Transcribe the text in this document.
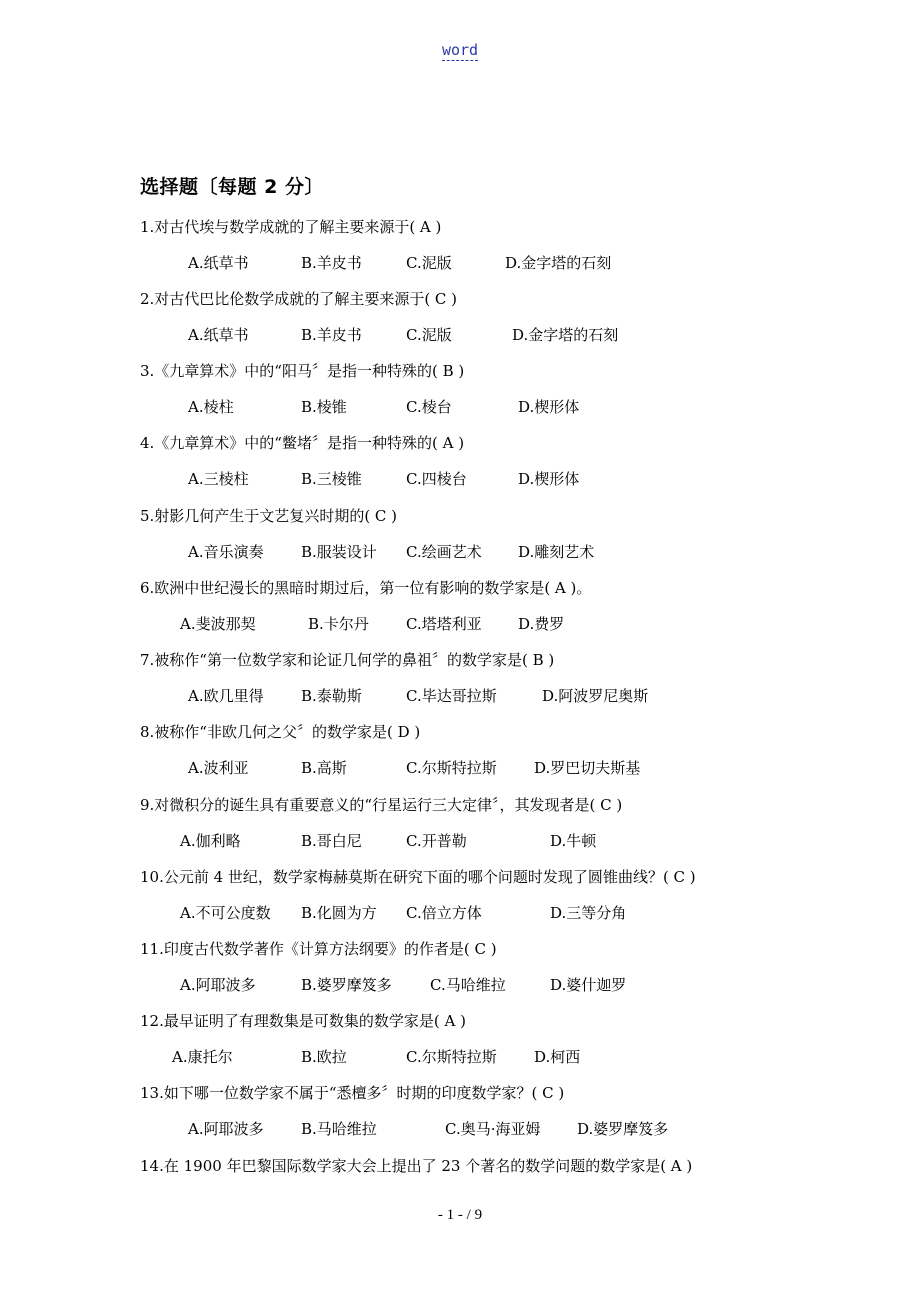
word
选择题〔每题 2 分〕
1.对古代埃与数学成就的了解主要来源于( A )
A.纸草书	B.羊皮书	C.泥版	D.金字塔的石刻
2.对古代巴比伦数学成就的了解主要来源于( C )
A.纸草书	B.羊皮书	C.泥版	D.金字塔的石刻
3.《九章算术》中的“阳马〞是指一种特殊的( B )
A.棱柱	B.棱锥	C.棱台	D.楔形体
4.《九章算术》中的“鳖堵〞是指一种特殊的( A )
A.三棱柱	B.三棱锥	C.四棱台	D.楔形体
5.射影几何产生于文艺复兴时期的( C )
A.音乐演奏 B.服装设计 C.绘画艺术 D.雕刻艺术
6.欧洲中世纪漫长的黑暗时期过后，第一位有影响的数学家是( A )。
A.斐波那契	B.卡尔丹 C.塔塔利亚 D.费罗
7.被称作“第一位数学家和论证几何学的鼻祖〞的数学家是( B )
A.欧几里得 B.泰勒斯	C.毕达哥拉斯	D.阿波罗尼奥斯
8.被称作“非欧几何之父〞的数学家是( D )
A.波利亚	B.高斯	C.尔斯特拉斯 D.罗巴切夫斯基
9.对微积分的诞生具有重要意义的“行星运行三大定律〞，其发现者是( C )
A.伽利略	B.哥白尼	C.开普勒	D.牛顿
10.公元前 4 世纪，数学家梅赫莫斯在研究下面的哪个问题时发现了圆锥曲线？( C )
A.不可公度数 B.化圆为方 C.倍立方体	D.三等分角
11.印度古代数学著作《计算方法纲要》的作者是( C )
A.阿耶波多	B.婆罗摩笈多	C.马哈维拉	D.婆什迦罗
12.最早证明了有理数集是可数集的数学家是( A )
A.康托尔	B.欧拉	C.尔斯特拉斯 D.柯西
13.如下哪一位数学家不属于“悉檀多〞时期的印度数学家？( C )
A.阿耶波多 B.马哈维拉	C.奥马·海亚姆 D.婆罗摩笈多
14.在 1900 年巴黎国际数学家大会上提出了 23 个著名的数学问题的数学家是( A )
- 1 - / 9
